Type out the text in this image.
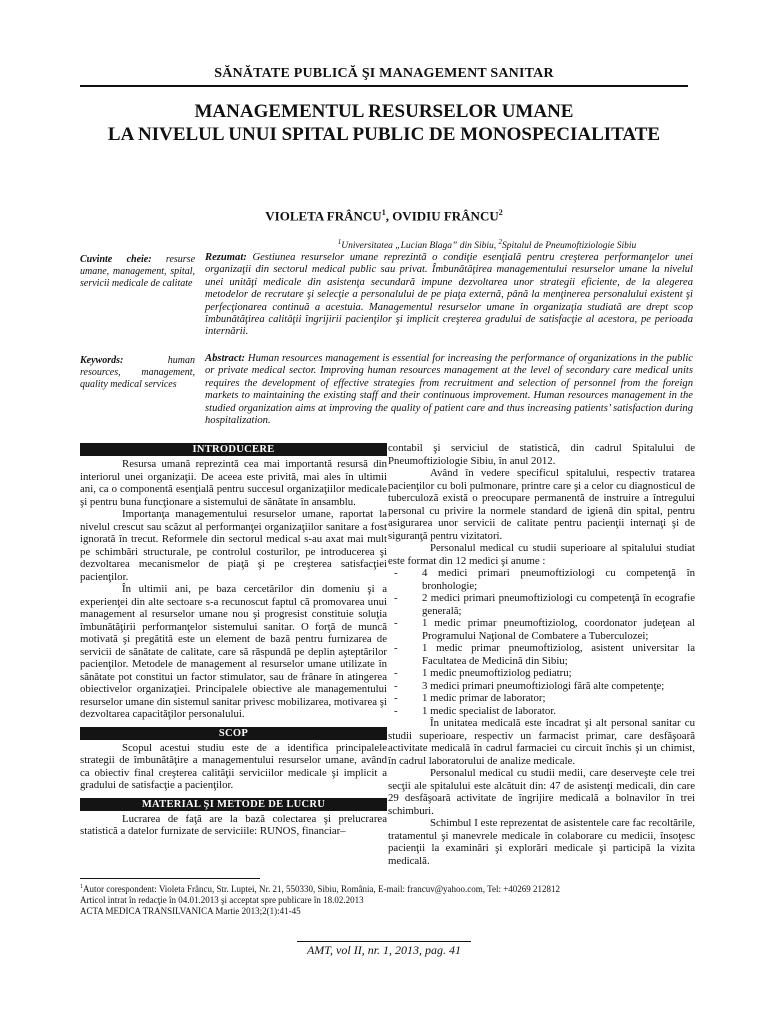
SĂNĂTATE PUBLICĂ ŞI MANAGEMENT SANITAR
MANAGEMENTUL RESURSELOR UMANE
LA NIVELUL UNUI SPITAL PUBLIC DE MONOSPECIALITATE
VIOLETA FRÂNCU$^1$, OVIDIU FRÂNCU$^2$
$^1$Universitatea „Lucian Blaga” din Sibiu, $^2$Spitalul de Pneumoftiziologie Sibiu
Cuvinte cheie: resurse umane, management, spital, servicii medicale de calitate
Rezumat: Gestiunea resurselor umane reprezintă o condiţie esenţială pentru creşterea performanţelor unei organizaţii din sectorul medical public sau privat. Îmbunătăţirea managementului resurselor umane la nivelul unei unităţi medicale din asistenţa secundară impune dezvoltarea unor strategii eficiente, de la alegerea metodelor de recrutare şi selecţie a personalului de pe piaţa externă, până la menţinerea personalului existent şi perfecţionarea continuă a acestuia. Managementul resurselor umane în organizaţia studiată are drept scop îmbunătăţirea calităţii îngrijirii pacienţilor şi implicit creşterea gradului de satisfacţie al acestora, pe perioada internării.
Keywords: human resources, management, quality medical services
Abstract: Human resources management is essential for increasing the performance of organizations in the public or private medical sector. Improving human resources management at the level of secondary care medical units requires the development of effective strategies from recruitment and selection of personnel from the foreign markets to maintaining the existing staff and their continuous improvement. Human resources management in the studied organization aims at improving the quality of patient care and thus increasing patients’ satisfaction during hospitalization.
INTRODUCERE

Resursa umană reprezintă cea mai importantă resursă din interiorul unei organizaţii. De aceea este privită, mai ales în ultimii ani, ca o componentă esenţială pentru succesul organizaţiilor medicale şi pentru buna funcţionare a sistemului de sănătate în ansamblu.

Importanţa managementului resurselor umane, raportat la nivelul crescut sau scăzut al performanţei organizaţiilor sanitare a fost ignorată în trecut. Reformele din sectorul medical s-au axat mai mult pe schimbări structurale, pe controlul costurilor, pe introducerea şi dezvoltarea mecanismelor de piaţă şi pe creşterea satisfacţiei pacienţilor.

În ultimii ani, pe baza cercetărilor din domeniu şi a experienţei din alte sectoare s-a recunoscut faptul că promovarea unui management al resurselor umane nou şi progresist constituie soluţia îmbunătăţirii performanţelor sistemului sanitar. O forţă de muncă motivată şi pregătită este un element de bază pentru furnizarea de servicii de sănătate de calitate, care să răspundă pe deplin aşteptărilor pacienţilor. Metodele de management al resurselor umane utilizate în sănătate pot constitui un factor stimulator, sau de frânare în atingerea obiectivelor organizaţiei. Principalele obiective ale managementului resurselor umane din sistemul sanitar privesc mobilizarea, motivarea şi dezvoltarea capacităţilor personalului.

SCOP

Scopul acestui studiu este de a identifica principalele strategii de îmbunătăţire a managementului resurselor umane, având ca obiectiv final creşterea calităţii serviciilor medicale şi implicit a gradului de satisfacţie a pacienţilor.

MATERIAL ŞI METODE DE LUCRU

Lucrarea de faţă are la bază colectarea şi prelucrarea statistică a datelor furnizate de serviciile: RUNOS, financiar–

contabil şi serviciul de statistică, din cadrul Spitalului de Pneumoftiziologie Sibiu, în anul 2012.

Având în vedere specificul spitalului, respectiv tratarea pacienţilor cu boli pulmonare, printre care şi a celor cu diagnosticul de tuberculoză există o preocupare permanentă de instruire a întregului personal cu privire la normele standard de igienă din spital, pentru asigurarea unor servicii de calitate pentru pacienţii internaţi şi de siguranţă pentru vizitatori.

Personalul medical cu studii superioare al spitalului studiat este format din 12 medici şi anume :

-	4 medici primari pneumoftiziologi cu competenţă în bronhologie;
-	2 medici primari pneumoftiziologi cu competenţă în ecografie generală;
-	1 medic primar pneumoftiziolog, coordonator judeţean al Programului Naţional de Combatere a Tuberculozei;
-	1 medic primar pneumoftiziolog, asistent universitar la Facultatea de Medicină din Sibiu;
-	1 medic pneumoftiziolog pediatru;
-	3 medici primari pneumoftiziologi fără alte competenţe;
-	1 medic primar de laborator;
-	1 medic specialist de laborator.

În unitatea medicală este încadrat şi alt personal sanitar cu studii superioare, respectiv un farmacist primar, care desfăşoară activitate medicală în cadrul farmaciei cu circuit închis şi un chimist, în cadrul laboratorului de analize medicale.

Personalul medical cu studii medii, care deserveşte cele trei secţii ale spitalului este alcătuit din: 47 de asistenţi medicali, din care 29 desfăşoară activitate de îngrijire medicală a bolnavilor în trei schimburi.

Schimbul I este reprezentat de asistentele care fac recoltările, tratamentul şi manevrele medicale în colaborare cu medicii, însoţesc pacienţii la examinări şi explorări medicale şi participă la vizita medicală.

$^1$Autor corespondent: Violeta Frâncu, Str. Luptei, Nr. 21, 550330, Sibiu, România, E-mail: francuv@yahoo.com, Tel: +40269 212812
Articol intrat în redacţie în 04.01.2013 şi acceptat spre publicare în 18.02.2013
ACTA MEDICA TRANSILVANICA Martie 2013;2(1):41-45
AMT, vol II, nr. 1, 2013, pag. 41
